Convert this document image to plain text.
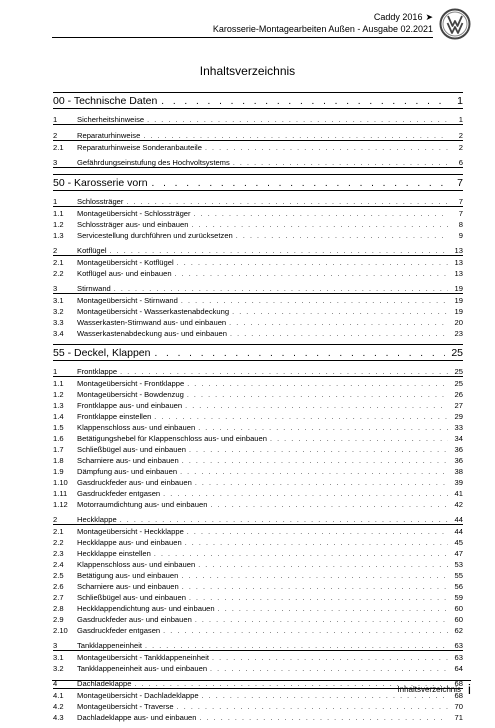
Caddy 2016 ➤
Karosserie-Montagearbeiten Außen - Ausgabe 02.2021
Inhaltsverzeichnis
00 - Technische Daten . . .	1
1	Sicherheitshinweise . . .	1
2	Reparaturhinweise . . .	2
2.1	Reparaturhinweise Sonderanbauteile . . .	2
3	Gefährdungseinstufung des Hochvoltsystems . . .	6
50 - Karosserie vorn . . .	7
1	Schlossträger . . .	7
1.1	Montageübersicht - Schlossträger . . .	7
1.2	Schlossträger aus- und einbauen . . .	8
1.3	Servicestellung durchführen und zurücksetzen . . .	9
2	Kotflügel . . .	13
2.1	Montageübersicht - Kotflügel . . .	13
2.2	Kotflügel aus- und einbauen . . .	13
3	Stirnwand . . .	19
3.1	Montageübersicht - Stirnwand . . .	19
3.2	Montageübersicht - Wasserkastenabdeckung . . .	19
3.3	Wasserkasten-Stirnwand aus- und einbauen . . .	20
3.4	Wasserkastenabdeckung aus- und einbauen . . .	23
55 - Deckel, Klappen . . .	25
1	Frontklappe . . .	25
1.1	Montageübersicht - Frontklappe . . .	25
1.2	Montageübersicht - Bowdenzug . . .	26
1.3	Frontklappe aus- und einbauen . . .	27
1.4	Frontklappe einstellen . . .	29
1.5	Klappenschloss aus- und einbauen . . .	33
1.6	Betätigungshebel für Klappenschloss aus- und einbauen . . .	34
1.7	Schließbügel aus- und einbauen . . .	36
1.8	Scharniere aus- und einbauen . . .	36
1.9	Dämpfung aus- und einbauen . . .	38
1.10	Gasdruckfeder aus- und einbauen . . .	39
1.11	Gasdruckfeder entgasen . . .	41
1.12	Motorraumdichtung aus- und einbauen . . .	42
2	Heckklappe . . .	44
2.1	Montageübersicht - Heckklappe . . .	44
2.2	Heckklappe aus- und einbauen . . .	45
2.3	Heckklappe einstellen . . .	47
2.4	Klappenschloss aus- und einbauen . . .	53
2.5	Betätigung aus- und einbauen . . .	55
2.6	Scharniere aus- und einbauen . . .	56
2.7	Schließbügel aus- und einbauen . . .	59
2.8	Heckklappendichtung aus- und einbauen . . .	60
2.9	Gasdruckfeder aus- und einbauen . . .	60
2.10	Gasdruckfeder entgasen . . .	62
3	Tankklappeneinheit . . .	63
3.1	Montageübersicht - Tankklappeneinheit . . .	63
3.2	Tankklappeneinheit aus- und einbauen . . .	64
4	Dachladeklappe . . .	68
4.1	Montageübersicht - Dachladeklappe . . .	68
4.2	Montageübersicht - Traverse . . .	70
4.3	Dachladeklappe aus- und einbauen . . .	71
Inhaltsverzeichnis i
